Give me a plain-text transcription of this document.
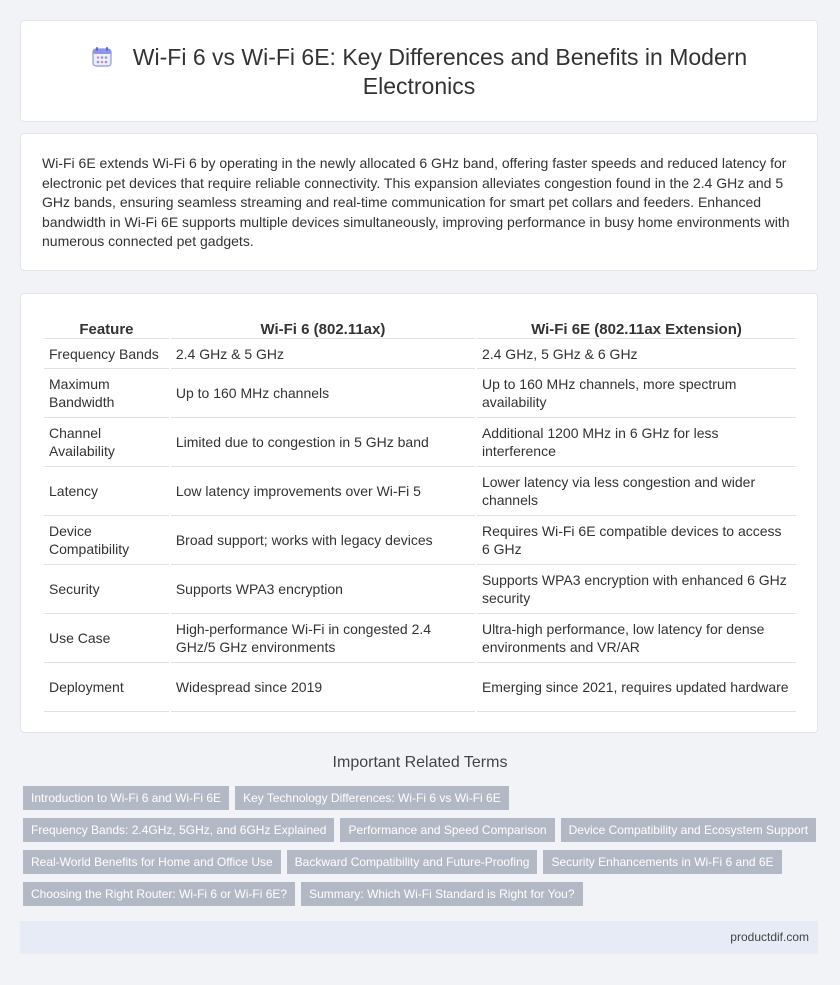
Wi-Fi 6 vs Wi-Fi 6E: Key Differences and Benefits in Modern Electronics

Wi-Fi 6E extends Wi-Fi 6 by operating in the newly allocated 6 GHz band, offering faster speeds and reduced latency for electronic pet devices that require reliable connectivity. This expansion alleviates congestion found in the 2.4 GHz and 5 GHz bands, ensuring seamless streaming and real-time communication for smart pet collars and feeders. Enhanced bandwidth in Wi-Fi 6E supports multiple devices simultaneously, improving performance in busy home environments with numerous connected pet gadgets.

Feature	Wi-Fi 6 (802.11ax)	Wi-Fi 6E (802.11ax Extension)
Frequency Bands	2.4 GHz & 5 GHz	2.4 GHz, 5 GHz & 6 GHz
Maximum Bandwidth	Up to 160 MHz channels	Up to 160 MHz channels, more spectrum availability
Channel Availability	Limited due to congestion in 5 GHz band	Additional 1200 MHz in 6 GHz for less interference
Latency	Low latency improvements over Wi-Fi 5	Lower latency via less congestion and wider channels
Device Compatibility	Broad support; works with legacy devices	Requires Wi-Fi 6E compatible devices to access 6 GHz
Security	Supports WPA3 encryption	Supports WPA3 encryption with enhanced 6 GHz security
Use Case	High-performance Wi-Fi in congested 2.4 GHz/5 GHz environments	Ultra-high performance, low latency for dense environments and VR/AR
Deployment	Widespread since 2019	Emerging since 2021, requires updated hardware
Important Related Terms
Introduction to Wi-Fi 6 and Wi-Fi 6E	Key Technology Differences: Wi-Fi 6 vs Wi-Fi 6E
Frequency Bands: 2.4GHz, 5GHz, and 6GHz Explained	Performance and Speed Comparison	Device Compatibility and Ecosystem Support
Real-World Benefits for Home and Office Use	Backward Compatibility and Future-Proofing	Security Enhancements in Wi-Fi 6 and 6E
Choosing the Right Router: Wi-Fi 6 or Wi-Fi 6E?	Summary: Which Wi-Fi Standard is Right for You?
productdif.com
